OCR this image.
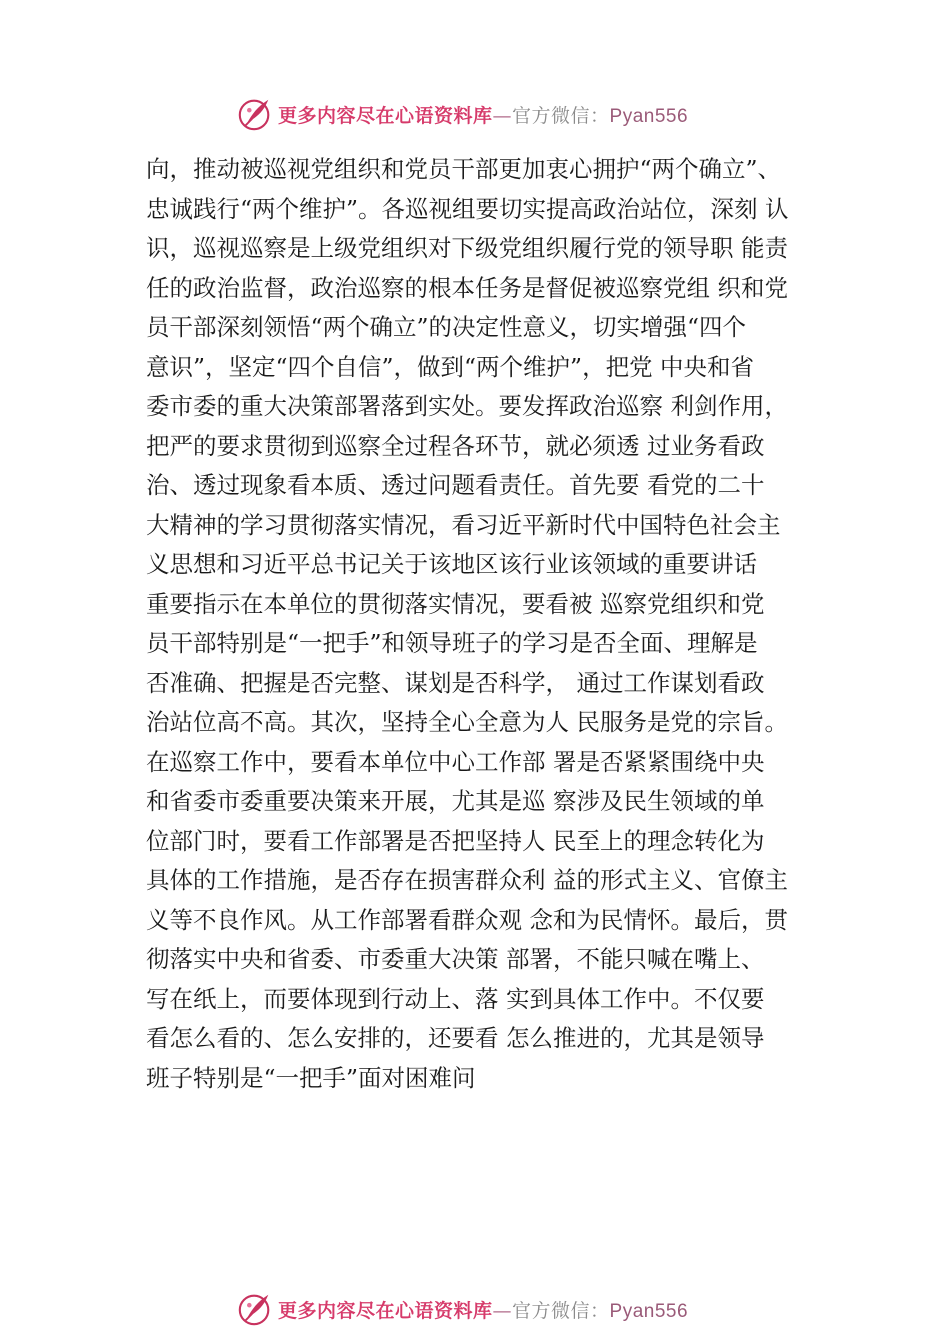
更多内容尽在心语资料库—官方微信：Pyan556
向，推动被巡视党组织和党员干部更加衷心拥护“两个确立”、
忠诚践行“两个维护”。各巡视组要切实提高政治站位，深刻 认
识，巡视巡察是上级党组织对下级党组织履行党的领导职 能责
任的政治监督，政治巡察的根本任务是督促被巡察党组 织和党
员干部深刻领悟“两个确立”的决定性意义，切实增强“四个
意识”，坚定“四个自信”，做到“两个维护”，把党 中央和省
委市委的重大决策部署落到实处。要发挥政治巡察 利剑作用，
把严的要求贯彻到巡察全过程各环节，就必须透 过业务看政
治、透过现象看本质、透过问题看责任。首先要 看党的二十
大精神的学习贯彻落实情况，看习近平新时代中国特色社会主
义思想和习近平总书记关于该地区该行业该领域的重要讲话
重要指示在本单位的贯彻落实情况，要看被 巡察党组织和党
员干部特别是“一把手”和领导班子的学习是否全面、理解是
否准确、把握是否完整、谋划是否科学， 通过工作谋划看政
治站位高不高。其次，坚持全心全意为人 民服务是党的宗旨。
在巡察工作中，要看本单位中心工作部 署是否紧紧围绕中央
和省委市委重要决策来开展，尤其是巡 察涉及民生领域的单
位部门时，要看工作部署是否把坚持人 民至上的理念转化为
具体的工作措施，是否存在损害群众利 益的形式主义、官僚主
义等不良作风。从工作部署看群众观 念和为民情怀。最后，贯
彻落实中央和省委、市委重大决策 部署，不能只喊在嘴上、
写在纸上，而要体现到行动上、落 实到具体工作中。不仅要
看怎么看的、怎么安排的，还要看 怎么推进的，尤其是领导
班子特别是“一把手”面对困难问
更多内容尽在心语资料库—官方微信：Pyan556
